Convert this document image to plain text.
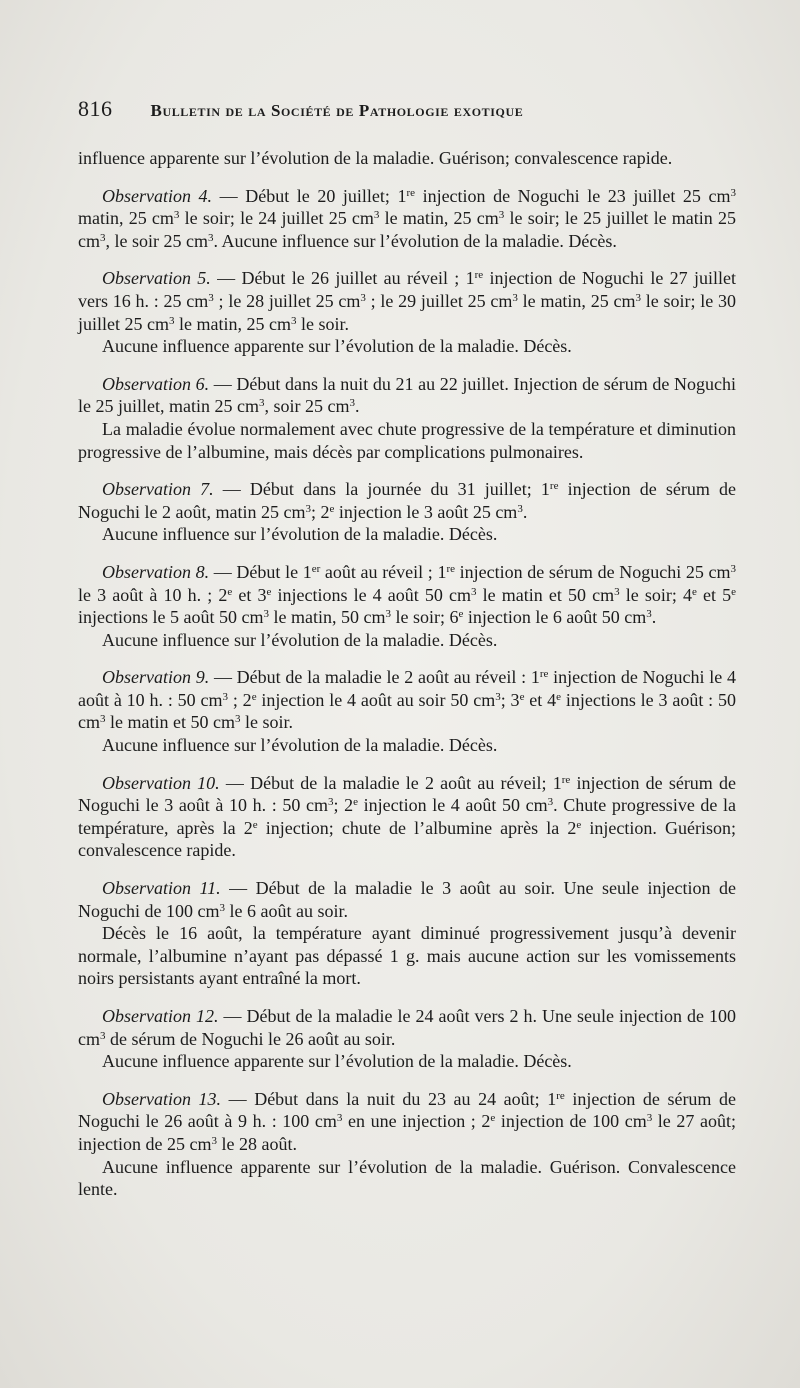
816 Bulletin de la Société de Pathologie exotique

influence apparente sur l’évolution de la maladie. Guérison; convalescence rapide.

Observation 4. — Début le 20 juillet; 1re injection de Noguchi le 23 juillet 25 $cm^3$ matin, 25 $cm^3$ le soir; le 24 juillet 25 $cm^3$ le matin, 25 $cm^3$ le soir; le 25 juillet le matin 25 $cm^3$, le soir 25 $cm^3$. Aucune influence sur l’évolution de la maladie. Décès.

Observation 5. — Début le 26 juillet au réveil ; 1re injection de Noguchi le 27 juillet vers 16 h. : 25 $cm^3$ ; le 28 juillet 25 $cm^3$ ; le 29 juillet 25 $cm^3$ le matin, 25 $cm^3$ le soir; le 30 juillet 25 $cm^3$ le matin, 25 $cm^3$ le soir.

Aucune influence apparente sur l’évolution de la maladie. Décès.

Observation 6. — Début dans la nuit du 21 au 22 juillet. Injection de sérum de Noguchi le 25 juillet, matin 25 $cm^3$, soir 25 $cm^3$.

La maladie évolue normalement avec chute progressive de la température et diminution progressive de l’albumine, mais décès par complications pulmonaires.

Observation 7. — Début dans la journée du 31 juillet; 1re injection de sérum de Noguchi le 2 août, matin 25 $cm^3$; 2e injection le 3 août 25 $cm^3$.

Aucune influence sur l’évolution de la maladie. Décès.

Observation 8. — Début le 1er août au réveil ; 1re injection de sérum de Noguchi 25 $cm^3$ le 3 août à 10 h. ; 2e et 3e injections le 4 août 50 $cm^3$ le matin et 50 $cm^3$ le soir; 4e et 5e injections le 5 août 50 $cm^3$ le matin, 50 $cm^3$ le soir; 6e injection le 6 août 50 $cm^3$.

Aucune influence sur l’évolution de la maladie. Décès.

Observation 9. — Début de la maladie le 2 août au réveil : 1re injection de Noguchi le 4 août à 10 h. : 50 $cm^3$ ; 2e injection le 4 août au soir 50 $cm^3$; 3e et 4e injections le 3 août : 50 $cm^3$ le matin et 50 $cm^3$ le soir.

Aucune influence sur l’évolution de la maladie. Décès.

Observation 10. — Début de la maladie le 2 août au réveil; 1re injection de sérum de Noguchi le 3 août à 10 h. : 50 $cm^3$; 2e injection le 4 août 50 $cm^3$. Chute progressive de la température, après la 2e injection; chute de l’albumine après la 2e injection. Guérison; convalescence rapide.

Observation 11. — Début de la maladie le 3 août au soir. Une seule injection de Noguchi de 100 $cm^3$ le 6 août au soir.

Décès le 16 août, la température ayant diminué progressivement jusqu’à devenir normale, l’albumine n’ayant pas dépassé 1 g. mais aucune action sur les vomissements noirs persistants ayant entraîné la mort.

Observation 12. — Début de la maladie le 24 août vers 2 h. Une seule injection de 100 $cm^3$ de sérum de Noguchi le 26 août au soir.

Aucune influence apparente sur l’évolution de la maladie. Décès.

Observation 13. — Début dans la nuit du 23 au 24 août; 1re injection de sérum de Noguchi le 26 août à 9 h. : 100 $cm^3$ en une injection ; 2e injection de 100 $cm^3$ le 27 août; injection de 25 $cm^3$ le 28 août.

Aucune influence apparente sur l’évolution de la maladie. Guérison. Convalescence lente.
